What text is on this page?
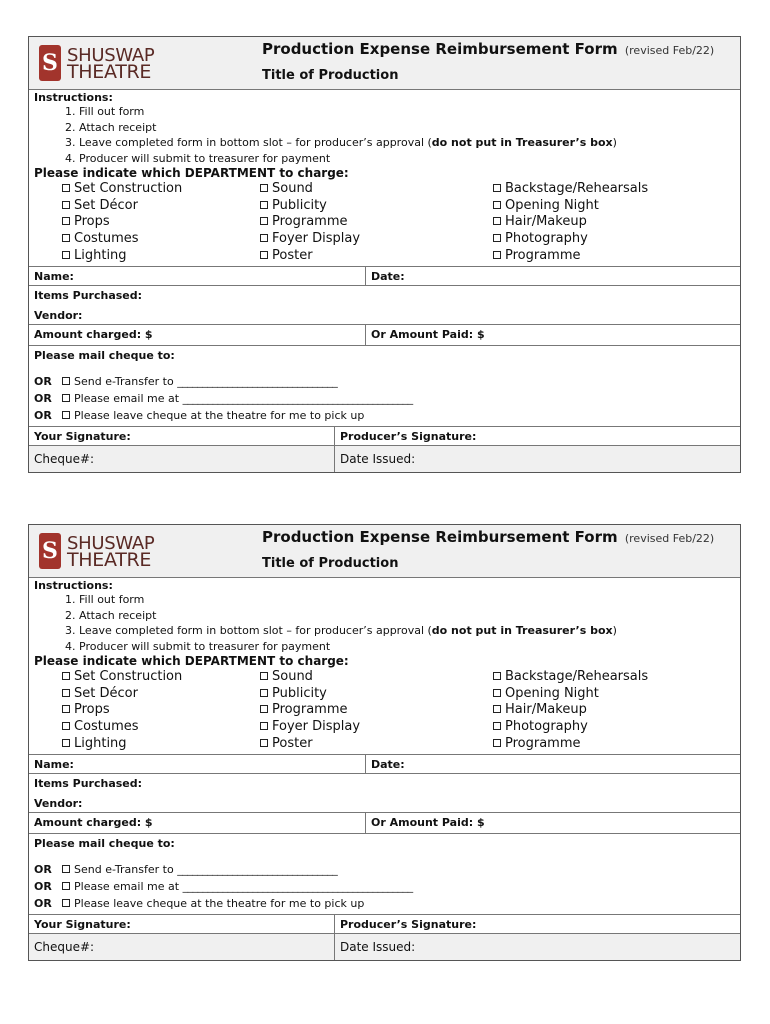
S SHUSWAP
THEATRE
Production Expense Reimbursement Form (revised Feb/22)
Title of Production
Instructions:
1. Fill out form
2. Attach receipt
3. Leave completed form in bottom slot – for producer’s approval (do not put in Treasurer’s box)
4. Producer will submit to treasurer for payment
Please indicate which DEPARTMENT to charge:
Set Construction
Set Décor
Props
Costumes
Lighting
Sound
Publicity
Programme
Foyer Display
Poster
Backstage/Rehearsals
Opening Night
Hair/Makeup
Photography
Programme
Name:	Date:
Items Purchased:
Vendor:
Amount charged: $	Or Amount Paid: $
Please mail cheque to:
OR Send e-Transfer to ________________________________
OR Please email me at ______________________________________________
OR Please leave cheque at the theatre for me to pick up
Your Signature:	Producer’s Signature:
Cheque#:	Date Issued:
S SHUSWAP
THEATRE
Production Expense Reimbursement Form (revised Feb/22)
Title of Production
Instructions:
1. Fill out form
2. Attach receipt
3. Leave completed form in bottom slot – for producer’s approval (do not put in Treasurer’s box)
4. Producer will submit to treasurer for payment
Please indicate which DEPARTMENT to charge:
Set Construction
Set Décor
Props
Costumes
Lighting
Sound
Publicity
Programme
Foyer Display
Poster
Backstage/Rehearsals
Opening Night
Hair/Makeup
Photography
Programme
Name:	Date:
Items Purchased:
Vendor:
Amount charged: $	Or Amount Paid: $
Please mail cheque to:
OR Send e-Transfer to ________________________________
OR Please email me at ______________________________________________
OR Please leave cheque at the theatre for me to pick up
Your Signature:	Producer’s Signature:
Cheque#:	Date Issued:
